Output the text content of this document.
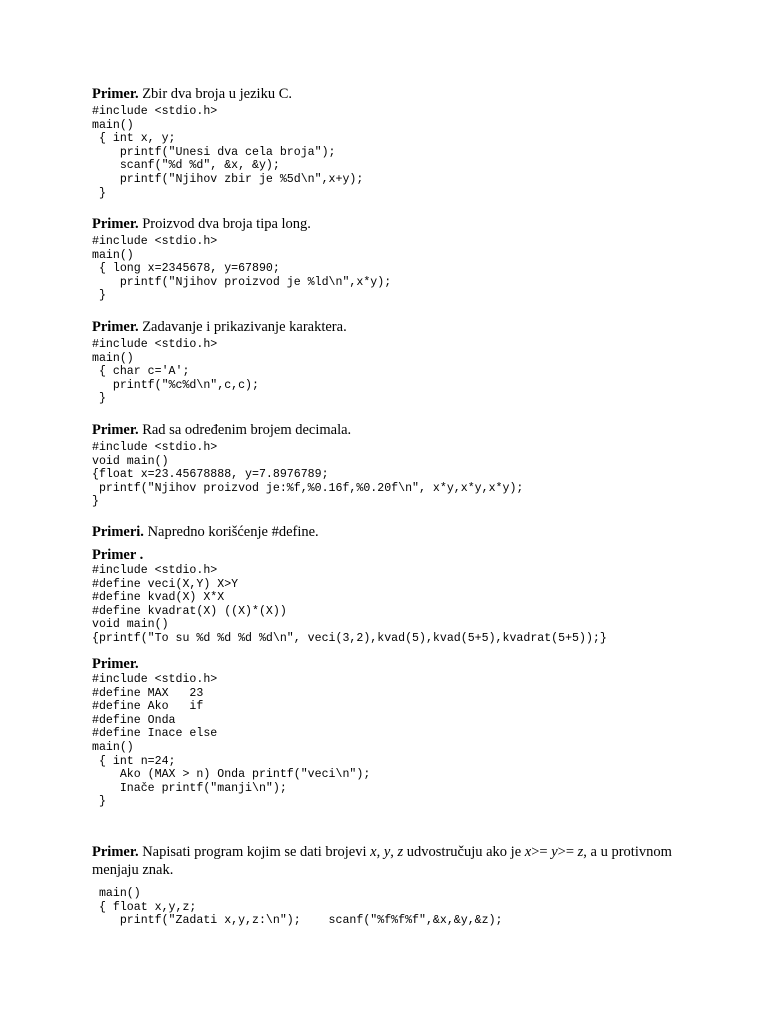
Primer. Zbir dva broja u jeziku C.

#include <stdio.h>
main()
{ int x, y;
printf("Unesi dva cela broja");
scanf("%d %d", &x, &y);
printf("Njihov zbir je %5d\n",x+y);
}

Primer. Proizvod dva broja tipa long.

#include <stdio.h>
main()
{ long x=2345678, y=67890;
printf("Njihov proizvod je %ld\n",x*y);
}

Primer. Zadavanje i prikazivanje karaktera.

#include <stdio.h>
main()
{ char c='A';
printf("%c%d\n",c,c);
}

Primer. Rad sa određenim brojem decimala.

#include <stdio.h>
void main()
{float x=23.45678888, y=7.8976789;
printf("Njihov proizvod je:%f,%0.16f,%0.20f\n", x*y,x*y,x*y);
}

Primeri. Napredno korišćenje #define.

Primer .

#include <stdio.h>
#define veci(X,Y) X>Y
#define kvad(X) X*X
#define kvadrat(X) ((X)*(X))
void main()
{printf("To su %d %d %d %d\n", veci(3,2),kvad(5),kvad(5+5),kvadrat(5+5));}

Primer.

#include <stdio.h>
#define MAX   23
#define Ako   if
#define Onda
#define Inace else
main()
{ int n=24;
Ako (MAX > n) Onda printf("veci\n");
Inače printf("manji\n");
}
Primer. Napisati program kojim se dati brojevi x, y, z udvostručuju ako je x>= y>= z, a u protivnom menjaju znak.
main()
{ float x,y,z;
printf("Zadati x,y,z:\n");    scanf("%f%f%f",&x,&y,&z);
